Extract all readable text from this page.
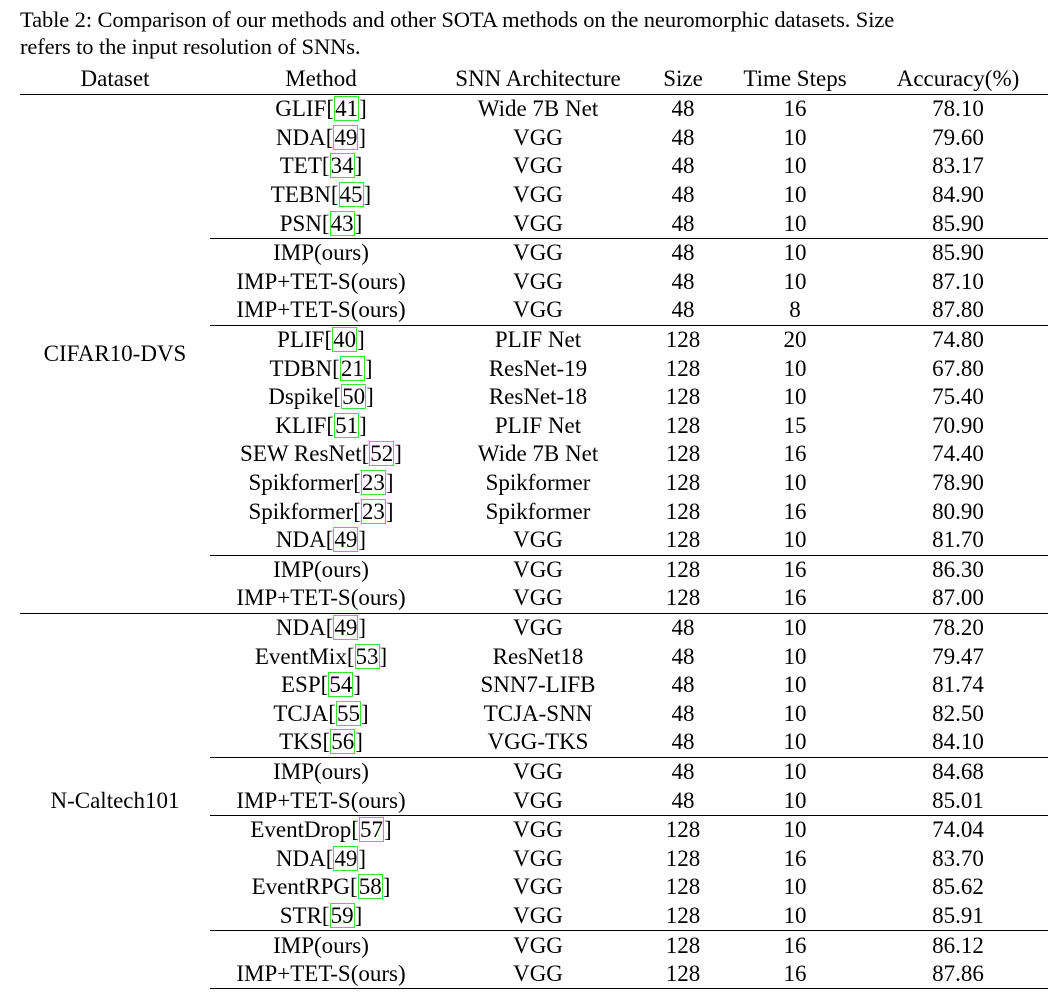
Table 2: Comparison of our methods and other SOTA methods on the neuromorphic datasets. Size
refers to the input resolution of SNNs.
Dataset	Method	SNN Architecture	Size	Time Steps	Accuracy(%)
CIFAR10-DVS	GLIF[41]	Wide 7B Net	48	16	78.10
	NDA[49]	VGG	48	10	79.60
	TET[34]	VGG	48	10	83.17
	TEBN[45]	VGG	48	10	84.90
	PSN[43]	VGG	48	10	85.90
	IMP(ours)	VGG	48	10	85.90
	IMP+TET-S(ours)	VGG	48	10	87.10
	IMP+TET-S(ours)	VGG	48	8	87.80
	PLIF[40]	PLIF Net	128	20	74.80
	TDBN[21]	ResNet-19	128	10	67.80
	Dspike[50]	ResNet-18	128	10	75.40
	KLIF[51]	PLIF Net	128	15	70.90
	SEW ResNet[52]	Wide 7B Net	128	16	74.40
	Spikformer[23]	Spikformer	128	10	78.90
	Spikformer[23]	Spikformer	128	16	80.90
	NDA[49]	VGG	128	10	81.70
	IMP(ours)	VGG	128	16	86.30
	IMP+TET-S(ours)	VGG	128	16	87.00
N-Caltech101	NDA[49]	VGG	48	10	78.20
	EventMix[53]	ResNet18	48	10	79.47
	ESP[54]	SNN7-LIFB	48	10	81.74
	TCJA[55]	TCJA-SNN	48	10	82.50
	TKS[56]	VGG-TKS	48	10	84.10
	IMP(ours)	VGG	48	10	84.68
	IMP+TET-S(ours)	VGG	48	10	85.01
	EventDrop[57]	VGG	128	10	74.04
	NDA[49]	VGG	128	16	83.70
	EventRPG[58]	VGG	128	10	85.62
	STR[59]	VGG	128	10	85.91
	IMP(ours)	VGG	128	16	86.12
	IMP+TET-S(ours)	VGG	128	16	87.86
